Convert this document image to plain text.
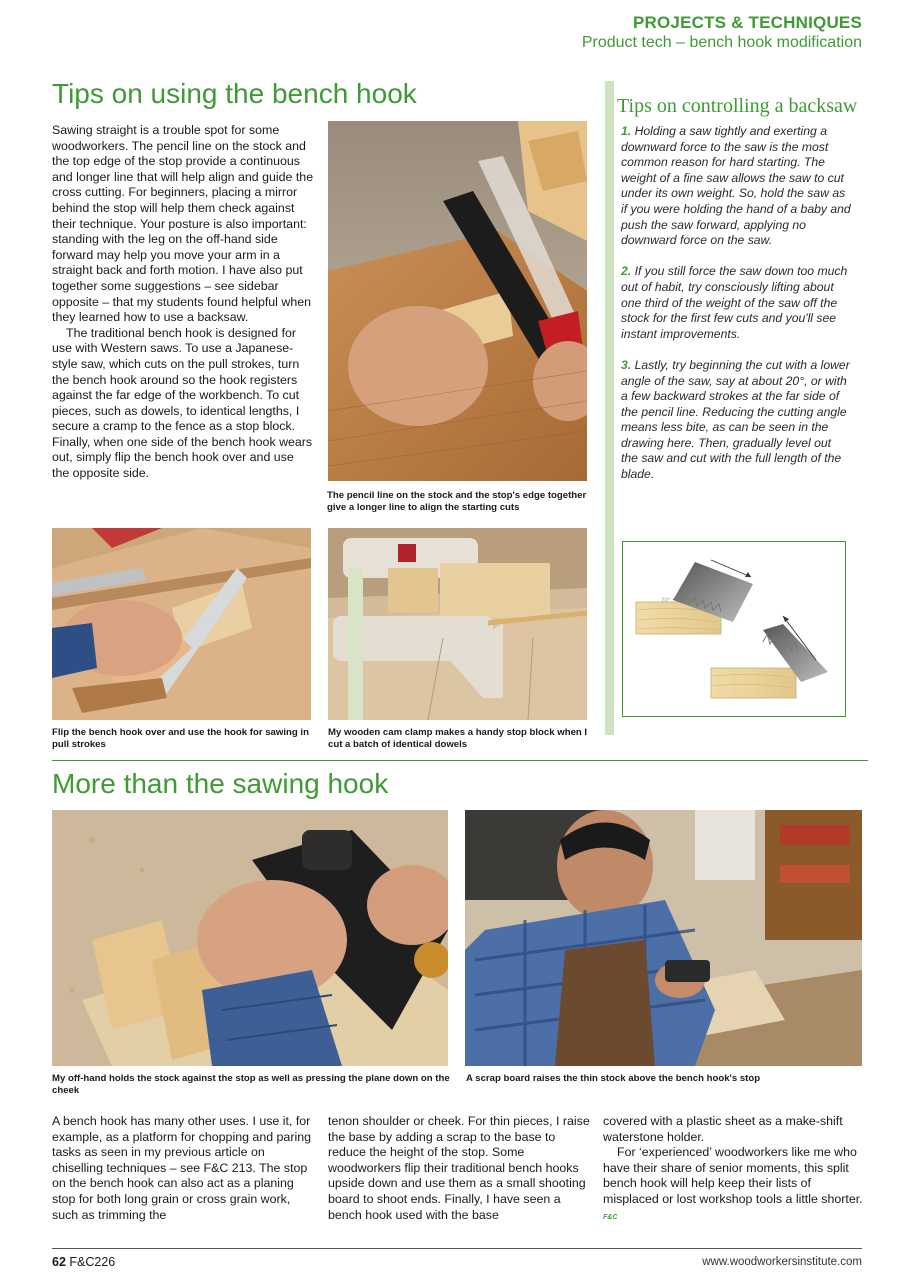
PROJECTS & TECHNIQUES
Product tech – bench hook modification
Tips on using the bench hook

Sawing straight is a trouble spot for some woodworkers. The pencil line on the stock and the top edge of the stop provide a continuous and longer line that will help align and guide the cross cutting. For beginners, placing a mirror behind the stop will help them check against their technique. Your posture is also important: standing with the leg on the off-hand side forward may help you move your arm in a straight back and forth motion. I have also put together some suggestions – see sidebar opposite – that my students found helpful when they learned how to use a backsaw.

The traditional bench hook is designed for use with Western saws. To use a Japanese-style saw, which cuts on the pull strokes, turn the bench hook around so the hook registers against the far edge of the workbench. To cut pieces, such as dowels, to identical lengths, I secure a cramp to the fence as a stop block. Finally, when one side of the bench hook wears out, simply flip the bench hook over and use the opposite side.

The pencil line on the stock and the stop's edge together give a longer line to align the starting cuts
Flip the bench hook over and use the hook for sawing in pull strokes
My wooden cam clamp makes a handy stop block when I cut a batch of identical dowels
Tips on controlling a backsaw
1. Holding a saw tightly and exerting a downward force to the saw is the most common reason for hard starting. The weight of a fine saw allows the saw to cut under its own weight. So, hold the saw as if you were holding the hand of a baby and push the saw forward, applying no downward force on the saw.
2. If you still force the saw down too much out of habit, try consciously lifting about one third of the weight of the saw off the stock for the first few cuts and you'll see instant improvements.
3. Lastly, try beginning the cut with a lower angle of the saw, say at about 20°, or with a few backward strokes at the far side of the pencil line. Reducing the cutting angle means less bite, as can be seen in the drawing here. Then, gradually level out the saw and cut with the full length of the blade.
20°
More than the sawing hook
My off-hand holds the stock against the stop as well as pressing the plane down on the cheek
A scrap board raises the thin stock above the bench hook's stop
A bench hook has many other uses. I use it, for example, as a platform for chopping and paring tasks as seen in my previous article on chiselling techniques – see F&C 213. The stop on the bench hook can also act as a planing stop for both long grain or cross grain work, such as trimming the
tenon shoulder or cheek. For thin pieces, I raise the base by adding a scrap to the base to reduce the height of the stop. Some woodworkers flip their traditional bench hooks upside down and use them as a small shooting board to shoot ends. Finally, I have seen a bench hook used with the base

covered with a plastic sheet as a make-shift waterstone holder.

For ‘experienced’ woodworkers like me who have their share of senior moments, this split bench hook will help keep their lists of misplaced or lost workshop tools a little shorter. F&C

62 F&C226	www.woodworkersinstitute.com
